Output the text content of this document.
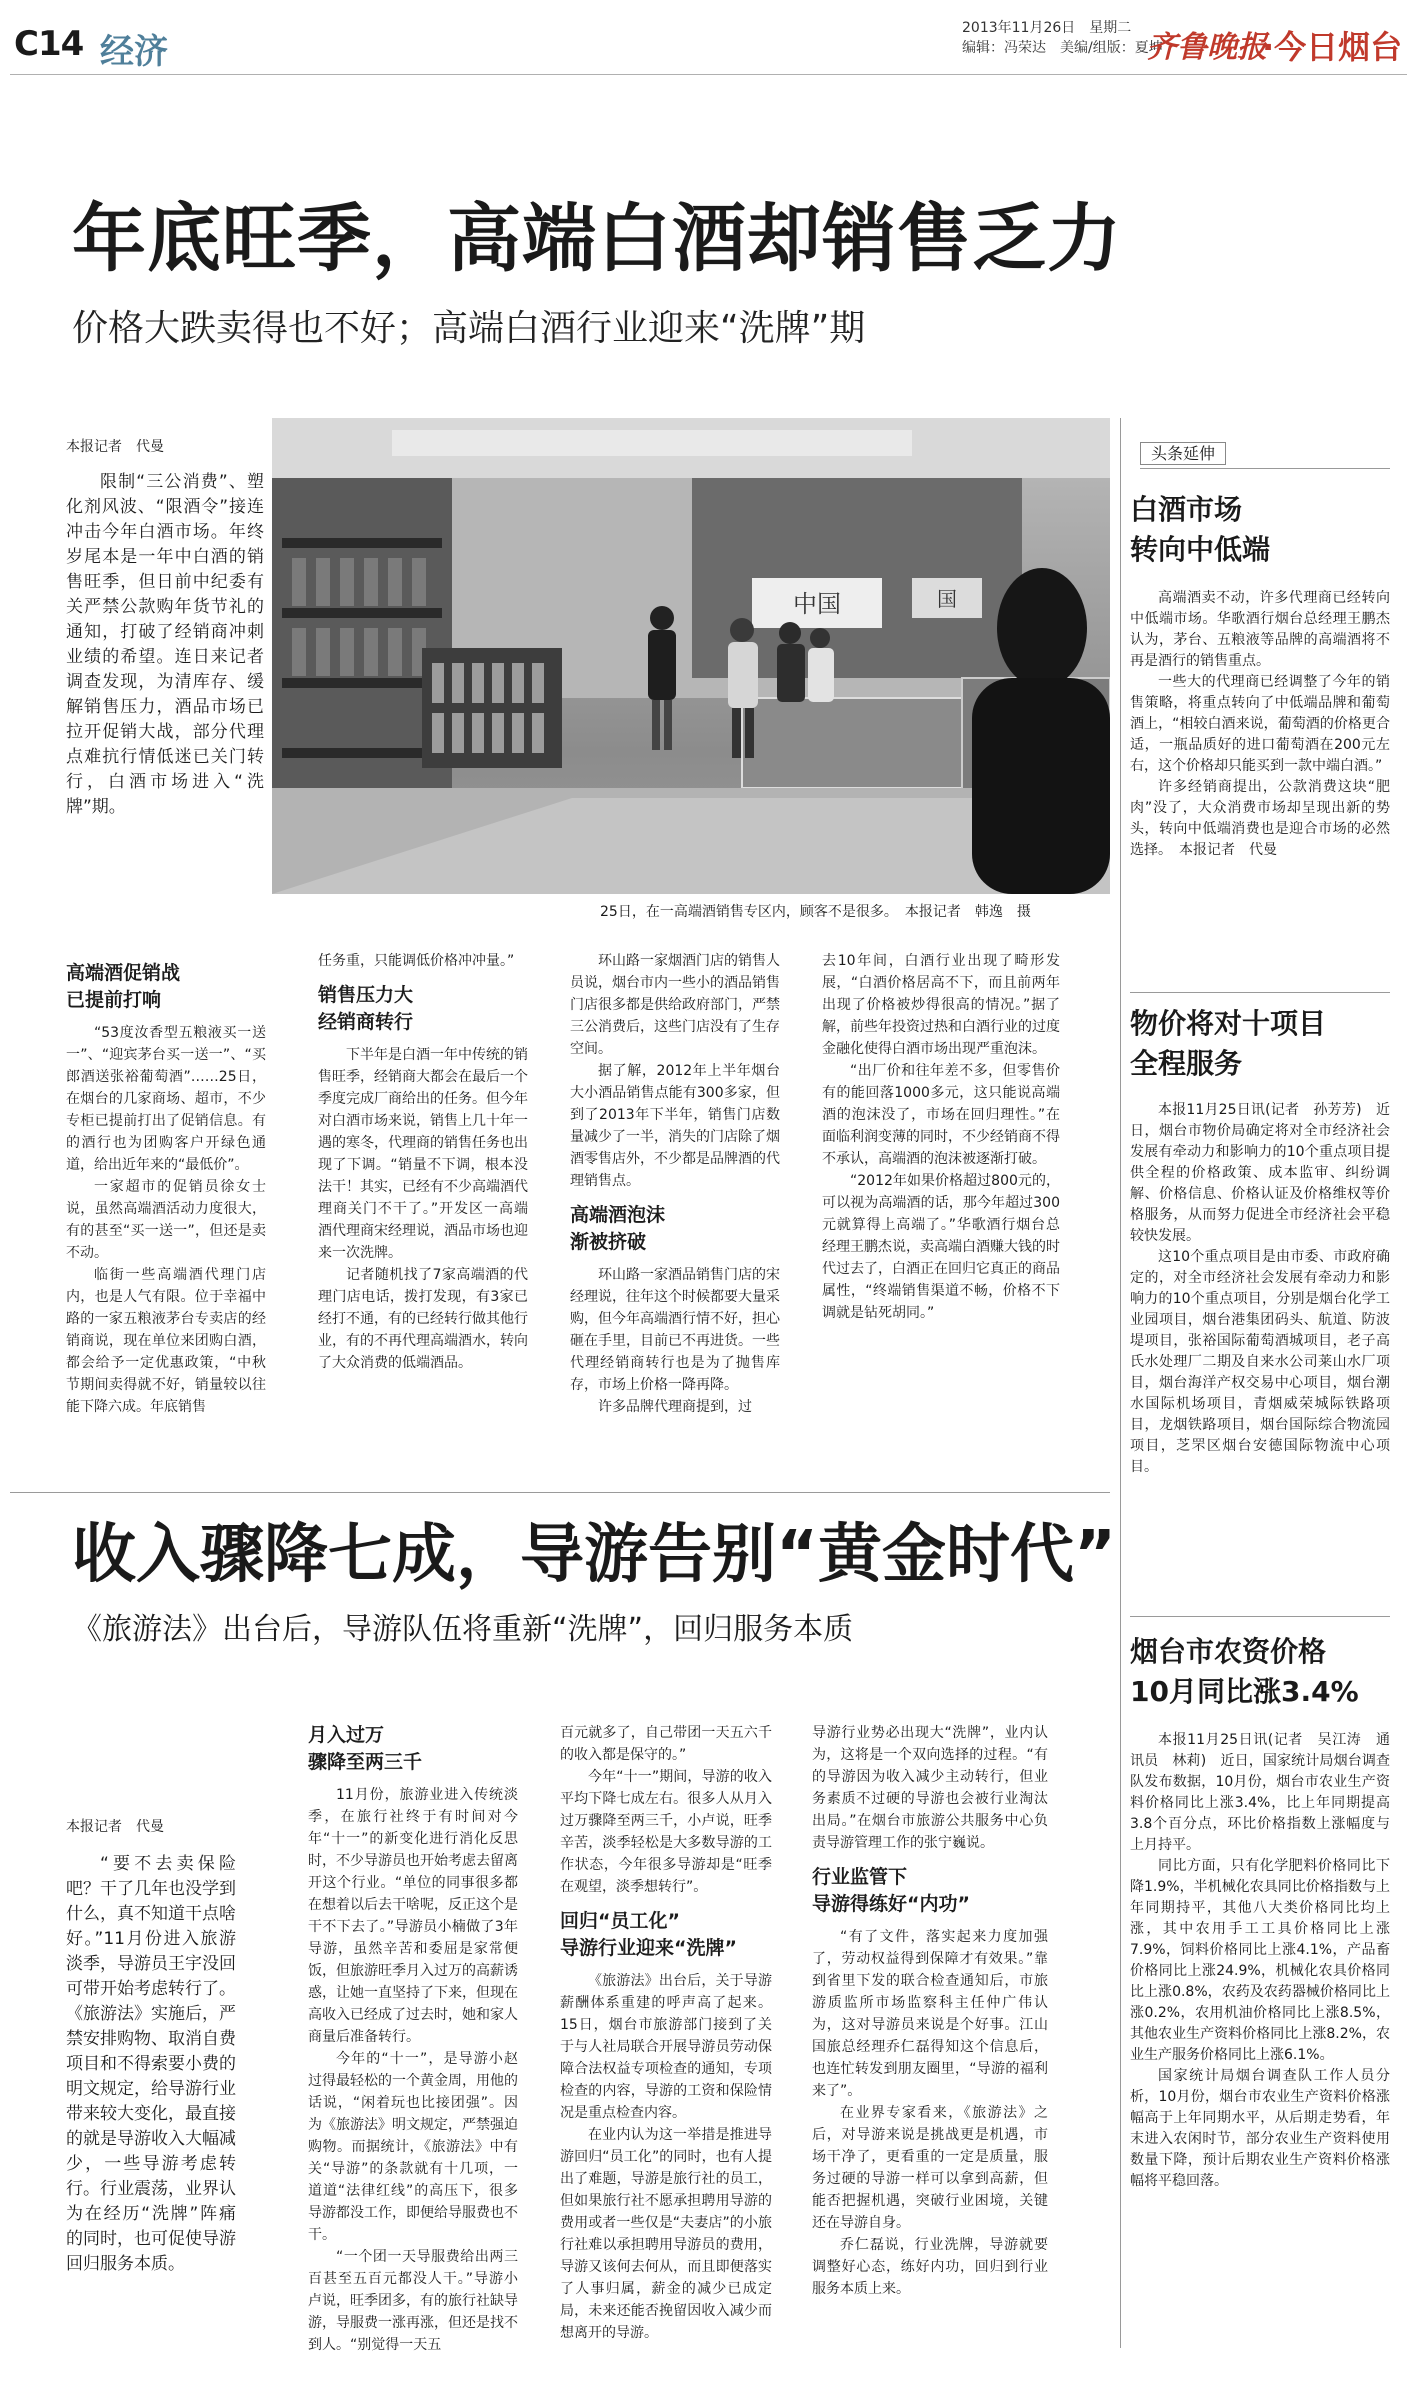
C14 经济
2013年11月26日　星期二
编辑：冯荣达　美编/组版：夏坤
齐鲁晚报
·今日烟台
年底旺季，高端白酒却销售乏力
价格大跌卖得也不好；高端白酒行业迎来“洗牌”期
本报记者　代曼

限制“三公消费”、塑化剂风波、“限酒令”接连冲击今年白酒市场。年终岁尾本是一年中白酒的销售旺季，但日前中纪委有关严禁公款购年货节礼的通知，打破了经销商冲刺业绩的希望。连日来记者调查发现，为清库存、缓解销售压力，酒品市场已拉开促销大战，部分代理点难抗行情低迷已关门转行，白酒市场进入“洗牌”期。

中国	国
25日，在一高端酒销售专区内，顾客不是很多。　本报记者　韩逸　摄
高端酒促销战
已提前打响

“53度汝香型五粮液买一送一”、“迎宾茅台买一送一”、“买郎酒送张裕葡萄酒”……25日，在烟台的几家商场、超市，不少专柜已提前打出了促销信息。有的酒行也为团购客户开绿色通道，给出近年来的“最低价”。

一家超市的促销员徐女士说，虽然高端酒活动力度很大，有的甚至“买一送一”，但还是卖不动。

临街一些高端酒代理门店内，也是人气有限。位于幸福中路的一家五粮液茅台专卖店的经销商说，现在单位来团购白酒，都会给予一定优惠政策，“中秋节期间卖得就不好，销量较以往能下降六成。年底销售

任务重，只能调低价格冲冲量。”

销售压力大
经销商转行

下半年是白酒一年中传统的销售旺季，经销商大都会在最后一个季度完成厂商给出的任务。但今年对白酒市场来说，销售上几十年一遇的寒冬，代理商的销售任务也出现了下调。“销量不下调，根本没法干！其实，已经有不少高端酒代理商关门不干了。”开发区一高端酒代理商宋经理说，酒品市场也迎来一次洗牌。

记者随机找了7家高端酒的代理门店电话，拨打发现，有3家已经打不通，有的已经转行做其他行业，有的不再代理高端酒水，转向了大众消费的低端酒品。

环山路一家烟酒门店的销售人员说，烟台市内一些小的酒品销售门店很多都是供给政府部门，严禁三公消费后，这些门店没有了生存空间。

据了解，2012年上半年烟台大小酒品销售点能有300多家，但到了2013年下半年，销售门店数量减少了一半，消失的门店除了烟酒零售店外，不少都是品牌酒的代理销售点。

高端酒泡沫
渐被挤破

环山路一家酒品销售门店的宋经理说，往年这个时候都要大量采购，但今年高端酒行情不好，担心砸在手里，目前已不再进货。一些代理经销商转行也是为了抛售库存，市场上价格一降再降。

许多品牌代理商提到，过

去10年间，白酒行业出现了畸形发展，“白酒价格居高不下，而且前两年出现了价格被炒得很高的情况。”据了解，前些年投资过热和白酒行业的过度金融化使得白酒市场出现严重泡沫。

“出厂价和往年差不多，但零售价有的能回落1000多元，这只能说高端酒的泡沫没了，市场在回归理性。”在面临利润变薄的同时，不少经销商不得不承认，高端酒的泡沫被逐渐打破。

“2012年如果价格超过800元的，可以视为高端酒的话，那今年超过300元就算得上高端了。”华歌酒行烟台总经理王鹏杰说，卖高端白酒赚大钱的时代过去了，白酒正在回归它真正的商品属性，“终端销售渠道不畅，价格不下调就是钻死胡同。”

头条延伸
白酒市场
转向中低端

高端酒卖不动，许多代理商已经转向中低端市场。华歌酒行烟台总经理王鹏杰认为，茅台、五粮液等品牌的高端酒将不再是酒行的销售重点。

一些大的代理商已经调整了今年的销售策略，将重点转向了中低端品牌和葡萄酒上，“相较白酒来说，葡萄酒的价格更合适，一瓶品质好的进口葡萄酒在200元左右，这个价格却只能买到一款中端白酒。”

许多经销商提出，公款消费这块“肥肉”没了，大众消费市场却呈现出新的势头，转向中低端消费也是迎合市场的必然选择。　本报记者　代曼

物价将对十项目
全程服务

本报11月25日讯(记者　孙芳芳)　近日，烟台市物价局确定将对全市经济社会发展有牵动力和影响力的10个重点项目提供全程的价格政策、成本监审、纠纷调解、价格信息、价格认证及价格维权等价格服务，从而努力促进全市经济社会平稳较快发展。

这10个重点项目是由市委、市政府确定的，对全市经济社会发展有牵动力和影响力的10个重点项目，分别是烟台化学工业园项目，烟台港集团码头、航道、防波堤项目，张裕国际葡萄酒城项目，老子高氏水处理厂二期及自来水公司莱山水厂项目，烟台海洋产权交易中心项目，烟台潮水国际机场项目，青烟威荣城际铁路项目，龙烟铁路项目，烟台国际综合物流园项目，芝罘区烟台安德国际物流中心项目。

烟台市农资价格
10月同比涨3.4%

本报11月25日讯(记者　吴江涛　通讯员　林莉)　近日，国家统计局烟台调查队发布数据，10月份，烟台市农业生产资料价格同比上涨3.4%，比上年同期提高3.8个百分点，环比价格指数上涨幅度与上月持平。

同比方面，只有化学肥料价格同比下降1.9%，半机械化农具同比价格指数与上年同期持平，其他八大类价格同比均上涨，其中农用手工工具价格同比上涨7.9%，饲料价格同比上涨4.1%，产品畜价格同比上涨24.9%，机械化农具价格同比上涨0.8%，农药及农药器械价格同比上涨0.2%，农用机油价格同比上涨8.5%，其他农业生产资料价格同比上涨8.2%，农业生产服务价格同比上涨6.1%。

国家统计局烟台调查队工作人员分析，10月份，烟台市农业生产资料价格涨幅高于上年同期水平，从后期走势看，年末进入农闲时节，部分农业生产资料使用数量下降，预计后期农业生产资料价格涨幅将平稳回落。

收入骤降七成，导游告别“黄金时代”
《旅游法》出台后，导游队伍将重新“洗牌”，回归服务本质
本报记者　代曼

“要不去卖保险吧？干了几年也没学到什么，真不知道干点啥好。”11月份进入旅游淡季，导游员王宇没回可带开始考虑转行了。《旅游法》实施后，严禁安排购物、取消自费项目和不得索要小费的明文规定，给导游行业带来较大变化，最直接的就是导游收入大幅减少，一些导游考虑转行。行业震荡，业界认为在经历“洗牌”阵痛的同时，也可促使导游回归服务本质。

月入过万
骤降至两三千

11月份，旅游业进入传统淡季，在旅行社终于有时间对今年“十一”的新变化进行消化反思时，不少导游员也开始考虑去留离开这个行业。“单位的同事很多都在想着以后去干啥呢，反正这个是干不下去了。”导游员小楠做了3年导游，虽然辛苦和委屈是家常便饭，但旅游旺季月入过万的高薪诱惑，让她一直坚持了下来，但现在高收入已经成了过去时，她和家人商量后准备转行。

今年的“十一”，是导游小赵过得最轻松的一个黄金周，用他的话说，“闲着玩也比接团强”。因为《旅游法》明文规定，严禁强迫购物。而据统计，《旅游法》中有关“导游”的条款就有十几项，一道道“法律红线”的高压下，很多导游都没工作，即便给导服费也不干。

“一个团一天导服费给出两三百甚至五百元都没人干。”导游小卢说，旺季团多，有的旅行社缺导游，导服费一涨再涨，但还是找不到人。“别觉得一天五

百元就多了，自己带团一天五六千的收入都是保守的。”

今年“十一”期间，导游的收入平均下降七成左右。很多人从月入过万骤降至两三千，小卢说，旺季辛苦，淡季轻松是大多数导游的工作状态，今年很多导游却是“旺季在观望，淡季想转行”。

回归“员工化”
导游行业迎来“洗牌”

《旅游法》出台后，关于导游薪酬体系重建的呼声高了起来。15日，烟台市旅游部门接到了关于与人社局联合开展导游员劳动保障合法权益专项检查的通知，专项检查的内容，导游的工资和保险情况是重点检查内容。

在业内认为这一举措是推进导游回归“员工化”的同时，也有人提出了难题，导游是旅行社的员工，但如果旅行社不愿承担聘用导游的费用或者一些仅是“夫妻店”的小旅行社难以承担聘用导游员的费用，导游又该何去何从，而且即便落实了人事归属，薪金的减少已成定局，未来还能否挽留因收入减少而想离开的导游。

导游行业势必出现大“洗牌”，业内认为，这将是一个双向选择的过程。“有的导游因为收入减少主动转行，但业务素质不过硬的导游也会被行业淘汰出局。”在烟台市旅游公共服务中心负责导游管理工作的张宁巍说。

行业监管下
导游得练好“内功”

“有了文件，落实起来力度加强了，劳动权益得到保障才有效果。”靠到省里下发的联合检查通知后，市旅游质监所市场监察科主任仲广伟认为，这对导游员来说是个好事。江山国旅总经理乔仁磊得知这个信息后，也连忙转发到朋友圈里，“导游的福利来了”。

在业界专家看来，《旅游法》之后，对导游来说是挑战更是机遇，市场干净了，更看重的一定是质量，服务过硬的导游一样可以拿到高薪，但能否把握机遇，突破行业困境，关键还在导游自身。

乔仁磊说，行业洗牌，导游就要调整好心态，练好内功，回归到行业服务本质上来。
